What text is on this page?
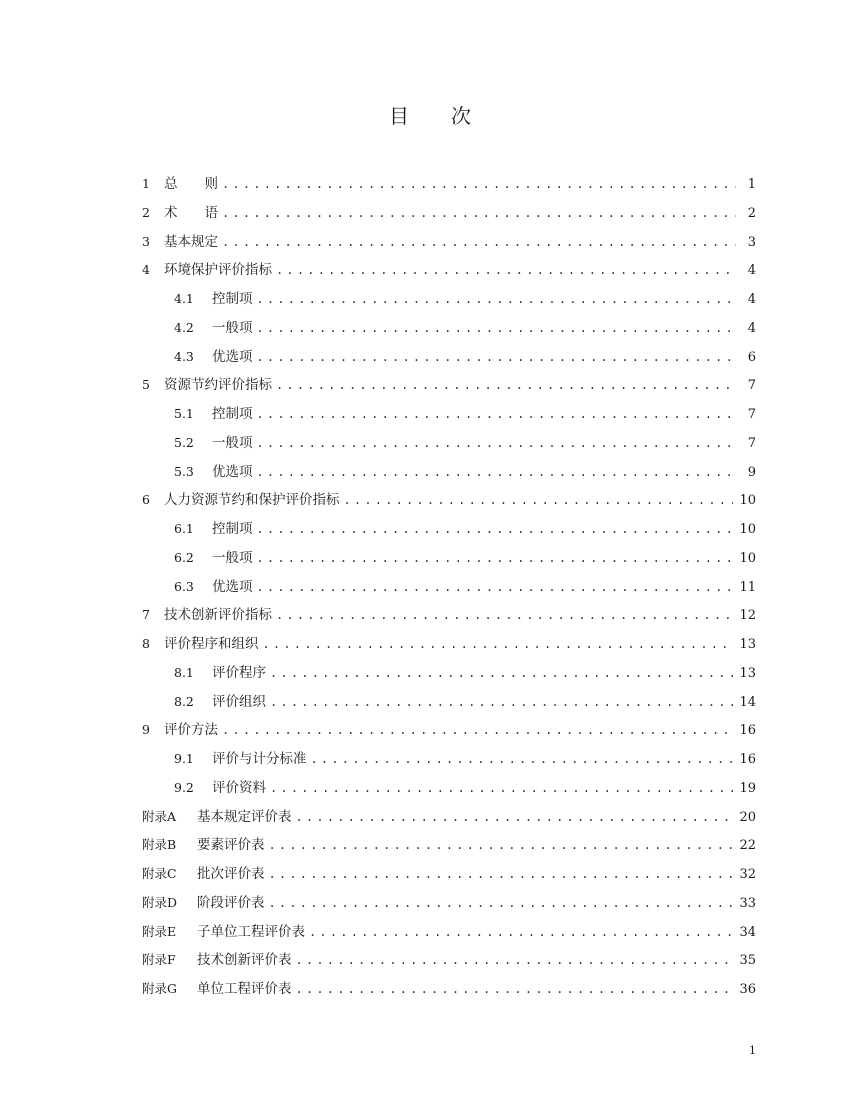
目 次
1	总　　则 .....	1
2	术　　语 .....	2
3	基本规定 .....	3
4	环境保护评价指标 .....	4
4.1	控制项 .....	4
4.2	一般项 .....	4
4.3	优选项 .....	6
5	资源节约评价指标 .....	7
5.1	控制项 .....	7
5.2	一般项 .....	7
5.3	优选项 .....	9
6	人力资源节约和保护评价指标 .....	10
6.1	控制项 .....	10
6.2	一般项 .....	10
6.3	优选项 .....	11
7	技术创新评价指标 .....	12
8	评价程序和组织 .....	13
8.1	评价程序 .....	13
8.2	评价组织 .....	14
9	评价方法 .....	16
9.1	评价与计分标准 .....	16
9.2	评价资料 .....	19
附录A	基本规定评价表 .....	20
附录B	要素评价表 .....	22
附录C	批次评价表 .....	32
附录D	阶段评价表 .....	33
附录E	子单位工程评价表 .....	34
附录F	技术创新评价表 .....	35
附录G	单位工程评价表 .....	36
1
